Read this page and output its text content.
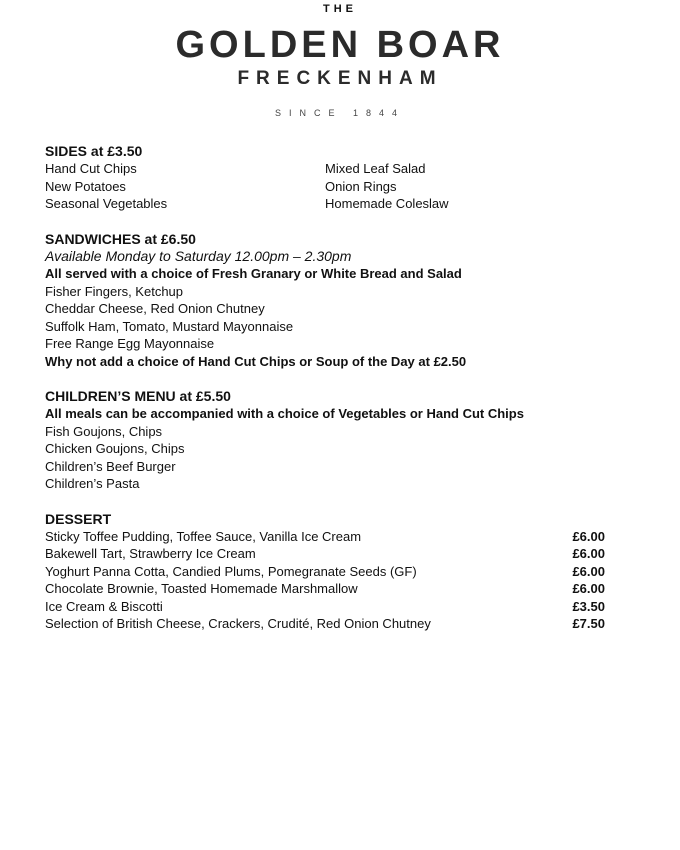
THE
GOLDEN BOAR
FRECKENHAM
SINCE 1844
SIDES at £3.50
Hand Cut Chips
New Potatoes
Seasonal Vegetables
Mixed Leaf Salad
Onion Rings
Homemade Coleslaw
SANDWICHES at £6.50
Available Monday to Saturday 12.00pm – 2.30pm
All served with a choice of Fresh Granary or White Bread and Salad
Fisher Fingers, Ketchup
Cheddar Cheese, Red Onion Chutney
Suffolk Ham, Tomato, Mustard Mayonnaise
Free Range Egg Mayonnaise
Why not add a choice of Hand Cut Chips or Soup of the Day at £2.50
CHILDREN’S MENU at £5.50
All meals can be accompanied with a choice of Vegetables or Hand Cut Chips
Fish Goujons, Chips
Chicken Goujons, Chips
Children’s Beef Burger
Children’s Pasta
DESSERT
Sticky Toffee Pudding, Toffee Sauce, Vanilla Ice Cream	£6.00
Bakewell Tart, Strawberry Ice Cream	£6.00
Yoghurt Panna Cotta, Candied Plums, Pomegranate Seeds (GF)	£6.00
Chocolate Brownie, Toasted Homemade Marshmallow	£6.00
Ice Cream & Biscotti	£3.50
Selection of British Cheese, Crackers, Crudité, Red Onion Chutney	£7.50
